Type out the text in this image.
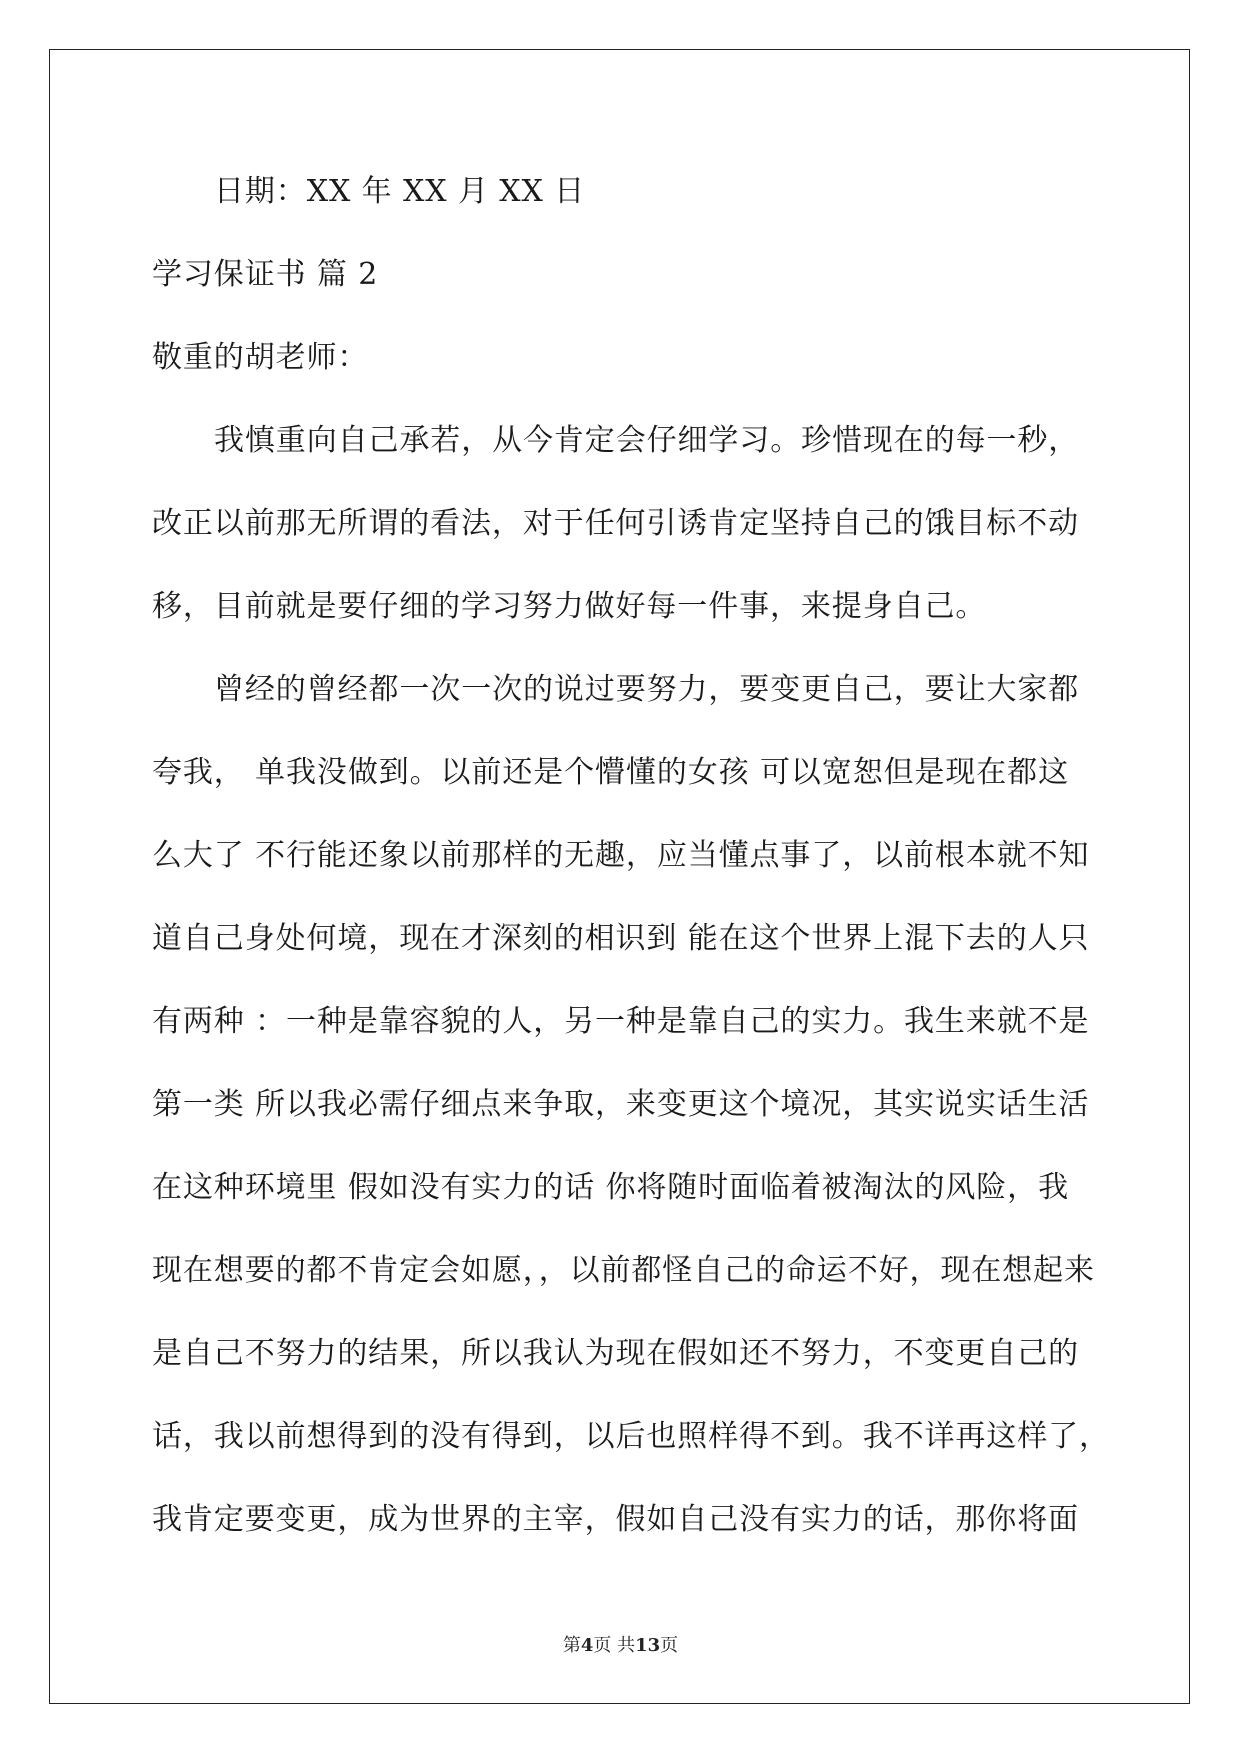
日期：XX 年 XX 月 XX 日
学习保证书 篇 2
敬重的胡老师：
我慎重向自己承若，从今肯定会仔细学习。珍惜现在的每一秒，
改正以前那无所谓的看法，对于任何引诱肯定坚持自己的饿目标不动
移，目前就是要仔细的学习努力做好每一件事，来提身自己。
曾经的曾经都一次一次的说过要努力，要变更自己，要让大家都
夸我， 单我没做到。以前还是个懵懂的女孩 可以宽恕但是现在都这
么大了 不行能还象以前那样的无趣，应当懂点事了，以前根本就不知
道自己身处何境，现在才深刻的相识到 能在这个世界上混下去的人只
有两种 ：一种是靠容貌的人，另一种是靠自己的实力。我生来就不是
第一类 所以我必需仔细点来争取，来变更这个境况，其实说实话生活
在这种环境里 假如没有实力的话 你将随时面临着被淘汰的风险，我
现在想要的都不肯定会如愿，，以前都怪自己的命运不好，现在想起来
是自己不努力的结果，所以我认为现在假如还不努力，不变更自己的
话，我以前想得到的没有得到，以后也照样得不到。我不详再这样了，
我肯定要变更，成为世界的主宰，假如自己没有实力的话，那你将面
第4页 共13页
